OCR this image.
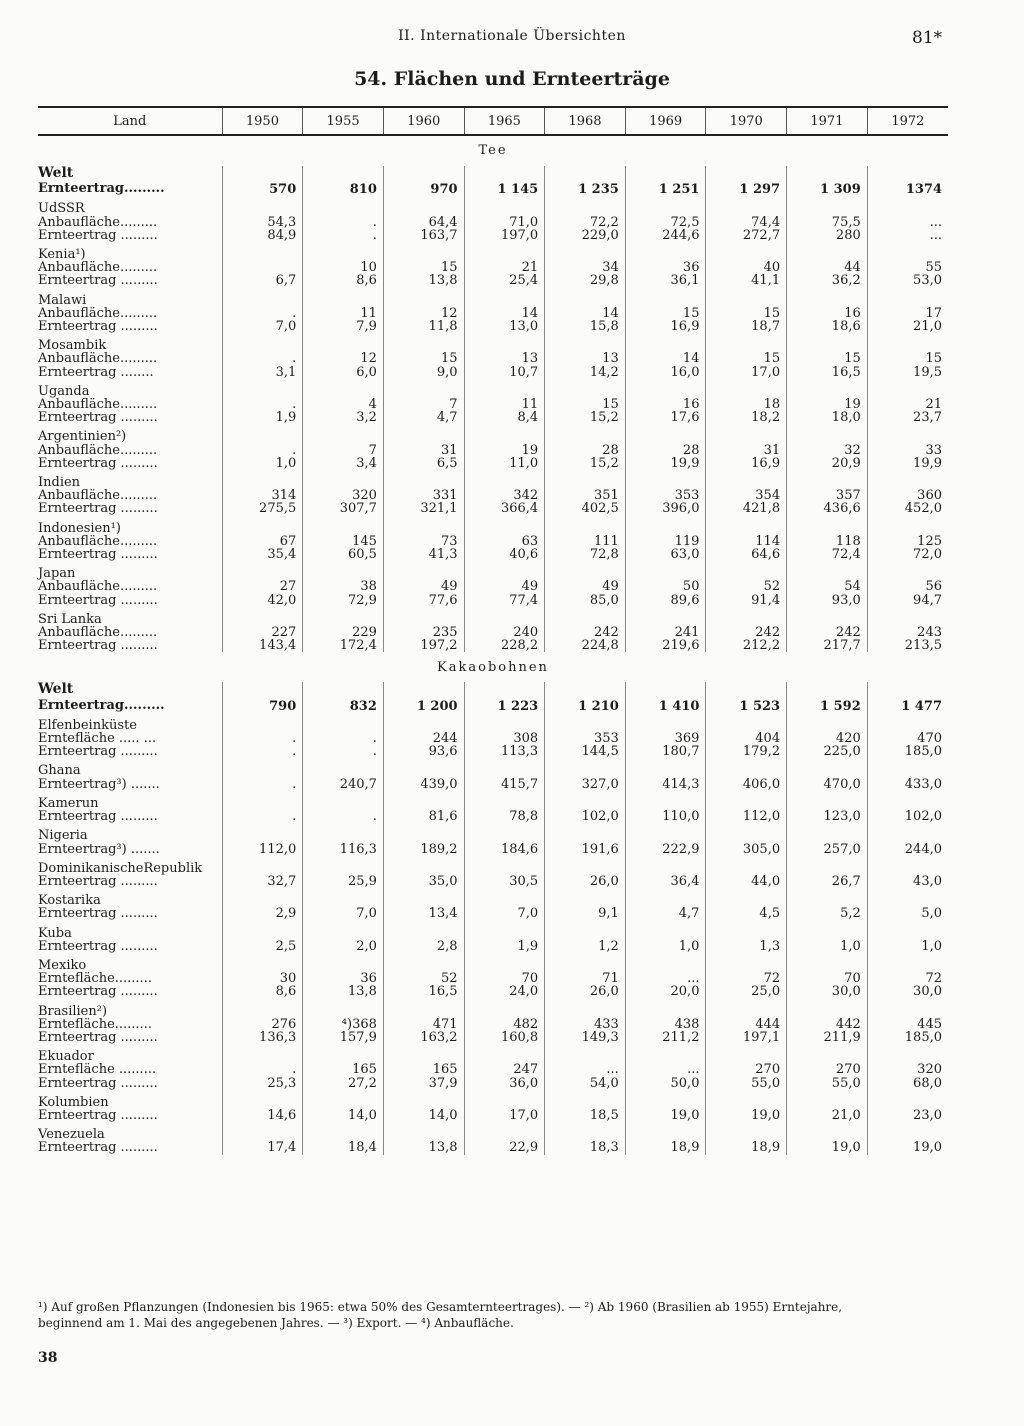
II. Internationale Übersichten	81*
54. Flächen und Ernteerträge
Land	1950	1955	1960	1965	1968	1969	1970	1971	1972
Tee									
Welt									
Ernteertrag.........	570	810	970	1 145	1 235	1 251	1 297	1 309	1374

UdSSR									
Anbaufläche.........	54,3	.	64,4	71,0	72,2	72,5	74,4	75,5	...
Ernteertrag .........	84,9	.	163,7	197,0	229,0	244,6	272,7	280	...

Kenia¹)									
Anbaufläche.........		10	15	21	34	36	40	44	55
Ernteertrag .........	6,7	8,6	13,8	25,4	29,8	36,1	41,1	36,2	53,0

Malawi									
Anbaufläche.........	.	11	12	14	14	15	15	16	17
Ernteertrag .........	7,0	7,9	11,8	13,0	15,8	16,9	18,7	18,6	21,0

Mosambik									
Anbaufläche.........	.	12	15	13	13	14	15	15	15
Ernteertrag ........	3,1	6,0	9,0	10,7	14,2	16,0	17,0	16,5	19,5

Uganda									
Anbaufläche.........	.	4	7	11	15	16	18	19	21
Ernteertrag .........	1,9	3,2	4,7	8,4	15,2	17,6	18,2	18,0	23,7

Argentinien²)									
Anbaufläche.........	.	7	31	19	28	28	31	32	33
Ernteertrag .........	1,0	3,4	6,5	11,0	15,2	19,9	16,9	20,9	19,9

Indien									
Anbaufläche.........	314	320	331	342	351	353	354	357	360
Ernteertrag .........	275,5	307,7	321,1	366,4	402,5	396,0	421,8	436,6	452,0

Indonesien¹)									
Anbaufläche.........	67	145	73	63	111	119	114	118	125
Ernteertrag .........	35,4	60,5	41,3	40,6	72,8	63,0	64,6	72,4	72,0

Japan									
Anbaufläche.........	27	38	49	49	49	50	52	54	56
Ernteertrag .........	42,0	72,9	77,6	77,4	85,0	89,6	91,4	93,0	94,7

Sri Lanka									
Anbaufläche.........	227	229	235	240	242	241	242	242	243
Ernteertrag .........	143,4	172,4	197,2	228,2	224,8	219,6	212,2	217,7	213,5
Kakaobohnen									
Welt									
Ernteertrag.........	790	832	1 200	1 223	1 210	1 410	1 523	1 592	1 477

Elfenbeinküste									
Erntefläche ..... ...	.	.	244	308	353	369	404	420	470
Ernteertrag .........	.	.	93,6	113,3	144,5	180,7	179,2	225,0	185,0

Ghana									
Ernteertrag³) .......	.	240,7	439,0	415,7	327,0	414,3	406,0	470,0	433,0

Kamerun									
Ernteertrag .........	.	.	81,6	78,8	102,0	110,0	112,0	123,0	102,0

Nigeria									
Ernteertrag³) .......	112,0	116,3	189,2	184,6	191,6	222,9	305,0	257,0	244,0

DominikanischeRepublik									
Ernteertrag .........	32,7	25,9	35,0	30,5	26,0	36,4	44,0	26,7	43,0

Kostarika									
Ernteertrag .........	2,9	7,0	13,4	7,0	9,1	4,7	4,5	5,2	5,0

Kuba									
Ernteertrag .........	2,5	2,0	2,8	1,9	1,2	1,0	1,3	1,0	1,0

Mexiko									
Erntefläche.........	30	36	52	70	71	...	72	70	72
Ernteertrag .........	8,6	13,8	16,5	24,0	26,0	20,0	25,0	30,0	30,0

Brasilien²)									
Erntefläche.........	276	⁴)368	471	482	433	438	444	442	445
Ernteertrag .........	136,3	157,9	163,2	160,8	149,3	211,2	197,1	211,9	185,0

Ekuador									
Erntefläche .........	.	165	165	247	...	...	270	270	320
Ernteertrag .........	25,3	27,2	37,9	36,0	54,0	50,0	55,0	55,0	68,0

Kolumbien									
Ernteertrag .........	14,6	14,0	14,0	17,0	18,5	19,0	19,0	21,0	23,0

Venezuela									
Ernteertrag .........	17,4	18,4	13,8	22,9	18,3	18,9	18,9	19,0	19,0
¹) Auf großen Pflanzungen (Indonesien bis 1965: etwa 50% des Gesamternteertrages). — ²) Ab 1960 (Brasilien ab 1955) Erntejahre,
beginnend am 1. Mai des angegebenen Jahres. — ³) Export. — ⁴) Anbaufläche.
38
